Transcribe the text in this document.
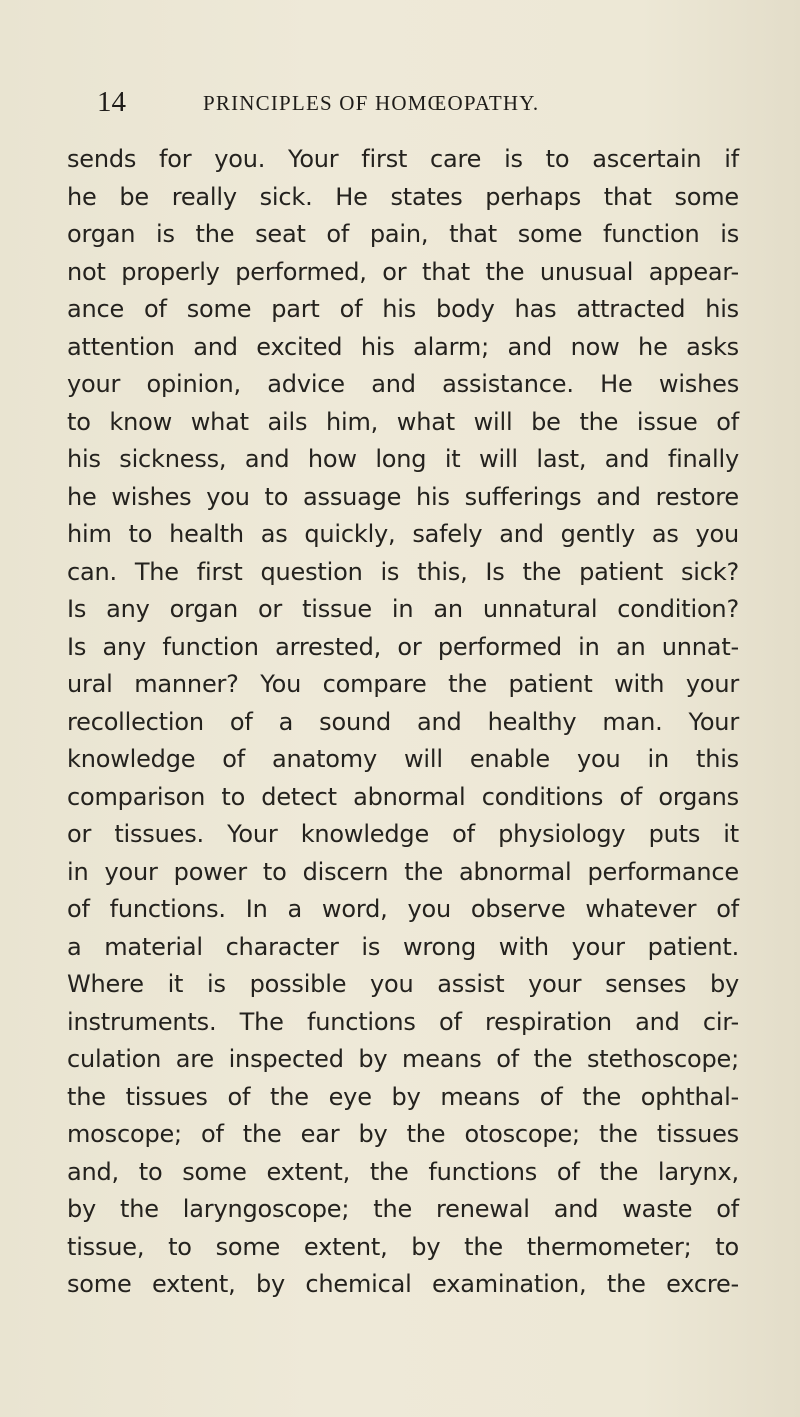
14	PRINCIPLES OF HOMŒOPATHY.
sends for you. Your first care is to ascertain if
he be really sick. He states perhaps that some
organ is the seat of pain, that some function is
not properly performed, or that the unusual appear-
ance of some part of his body has attracted his
attention and excited his alarm; and now he asks
your opinion, advice and assistance. He wishes
to know what ails him, what will be the issue of
his sickness, and how long it will last, and finally
he wishes you to assuage his sufferings and restore
him to health as quickly, safely and gently as you
can. The first question is this, Is the patient sick?
Is any organ or tissue in an unnatural condition?
Is any function arrested, or performed in an unnat-
ural manner? You compare the patient with your
recollection of a sound and healthy man. Your
knowledge of anatomy will enable you in this
comparison to detect abnormal conditions of organs
or tissues. Your knowledge of physiology puts it
in your power to discern the abnormal performance
of functions. In a word, you observe whatever of
a material character is wrong with your patient.
Where it is possible you assist your senses by
instruments. The functions of respiration and cir-
culation are inspected by means of the stethoscope;
the tissues of the eye by means of the ophthal-
moscope; of the ear by the otoscope; the tissues
and, to some extent, the functions of the larynx,
by the laryngoscope; the renewal and waste of
tissue, to some extent, by the thermometer; to
some extent, by chemical examination, the excre-
